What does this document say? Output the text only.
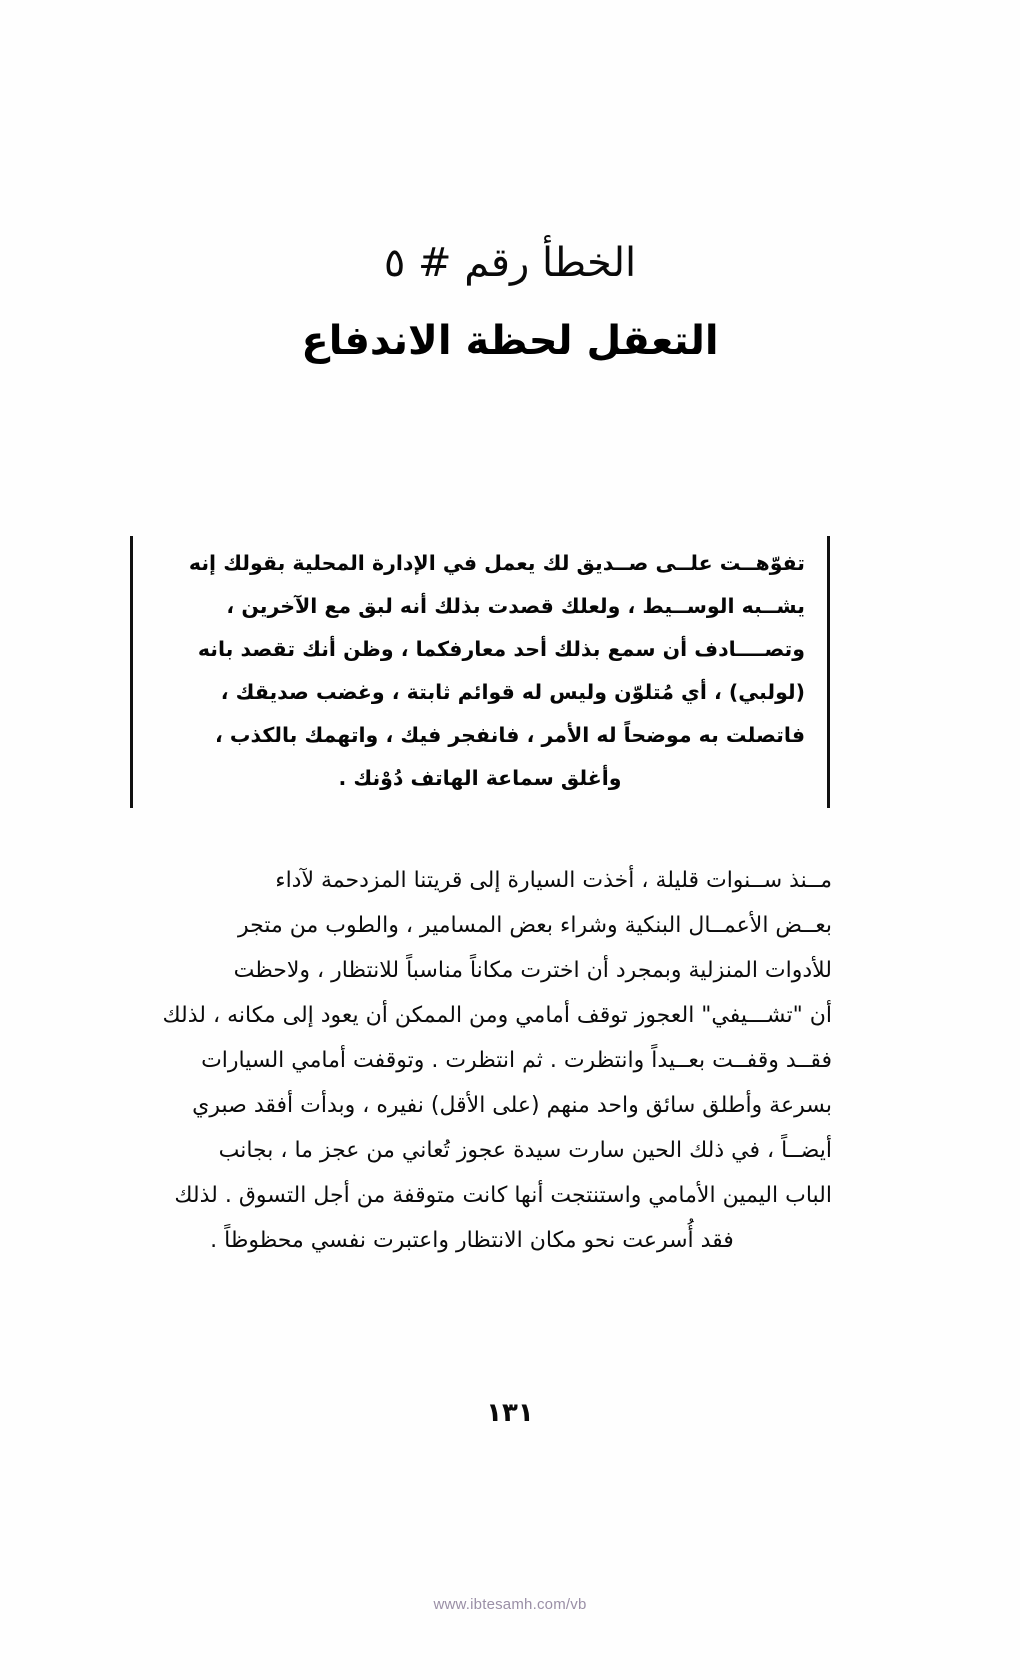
الخطأ رقم # ٥
التعقل لحظة الاندفاع
تفوّهــت علــى صــديق لك يعمل في الإدارة المحلية بقولك إنه
يشــبه الوســيط ، ولعلك قصدت بذلك أنه لبق مع الآخرين ،
وتصــــادف أن سمع بذلك أحد معارفكما ، وظن أنك تقصد بانه
(لولبي) ، أي مُتلوّن وليس له قوائم ثابتة ، وغضب صديقك ،
فاتصلت به موضحاً له الأمر ، فانفجر فيك ، واتهمك بالكذب ،
وأغلق سماعة الهاتف دُوْنك .
مــنذ ســنوات قليلة ، أخذت السيارة إلى قريتنا المزدحمة لآداء
بعــض الأعمــال البنكية وشراء بعض المسامير ، والطوب من متجر
للأدوات المنزلية وبمجرد أن اخترت مكاناً مناسباً للانتظار ، ولاحظت
أن "تشـــيفي" العجوز توقف أمامي ومن الممكن أن يعود إلى مكانه ، لذلك
فقــد وقفــت بعــيداً وانتظرت . ثم انتظرت . وتوقفت أمامي السيارات
بسرعة وأطلق سائق واحد منهم (على الأقل) نفيره ، وبدأت أفقد صبري
أيضــاً ، في ذلك الحين سارت سيدة عجوز تُعاني من عجز ما ، بجانب
الباب اليمين الأمامي واستنتجت أنها كانت متوقفة من أجل التسوق . لذلك
فقد أُسرعت نحو مكان الانتظار واعتبرت نفسي محظوظاً .
١٣١
www.ibtesamh.com/vb
